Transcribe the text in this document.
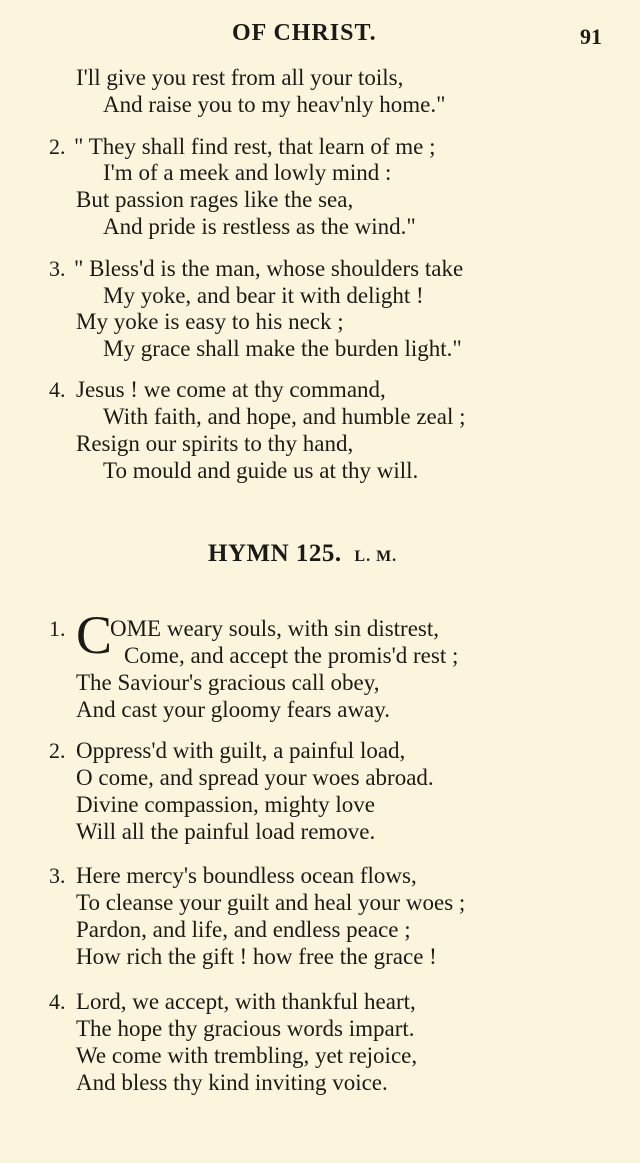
OF CHRIST.	91
I'll give you rest from all your toils,
And raise you to my heav'nly home."
2. " They shall find rest, that learn of me ;
I'm of a meek and lowly mind :
But passion rages like the sea,
And pride is restless as the wind."
3. " Bless'd is the man, whose shoulders take
My yoke, and bear it with delight !
My yoke is easy to his neck ;
My grace shall make the burden light."
4. Jesus ! we come at thy command,
With faith, and hope, and humble zeal ;
Resign our spirits to thy hand,
To mould and guide us at thy will.
HYMN 125. L. M.
1. C
OME weary souls, with sin distrest,
Come, and accept the promis'd rest ;
The Saviour's gracious call obey,
And cast your gloomy fears away.
2. Oppress'd with guilt, a painful load,
O come, and spread your woes abroad.
Divine compassion, mighty love
Will all the painful load remove.
3. Here mercy's boundless ocean flows,
To cleanse your guilt and heal your woes ;
Pardon, and life, and endless peace ;
How rich the gift ! how free the grace !
4. Lord, we accept, with thankful heart,
The hope thy gracious words impart.
We come with trembling, yet rejoice,
And bless thy kind inviting voice.
